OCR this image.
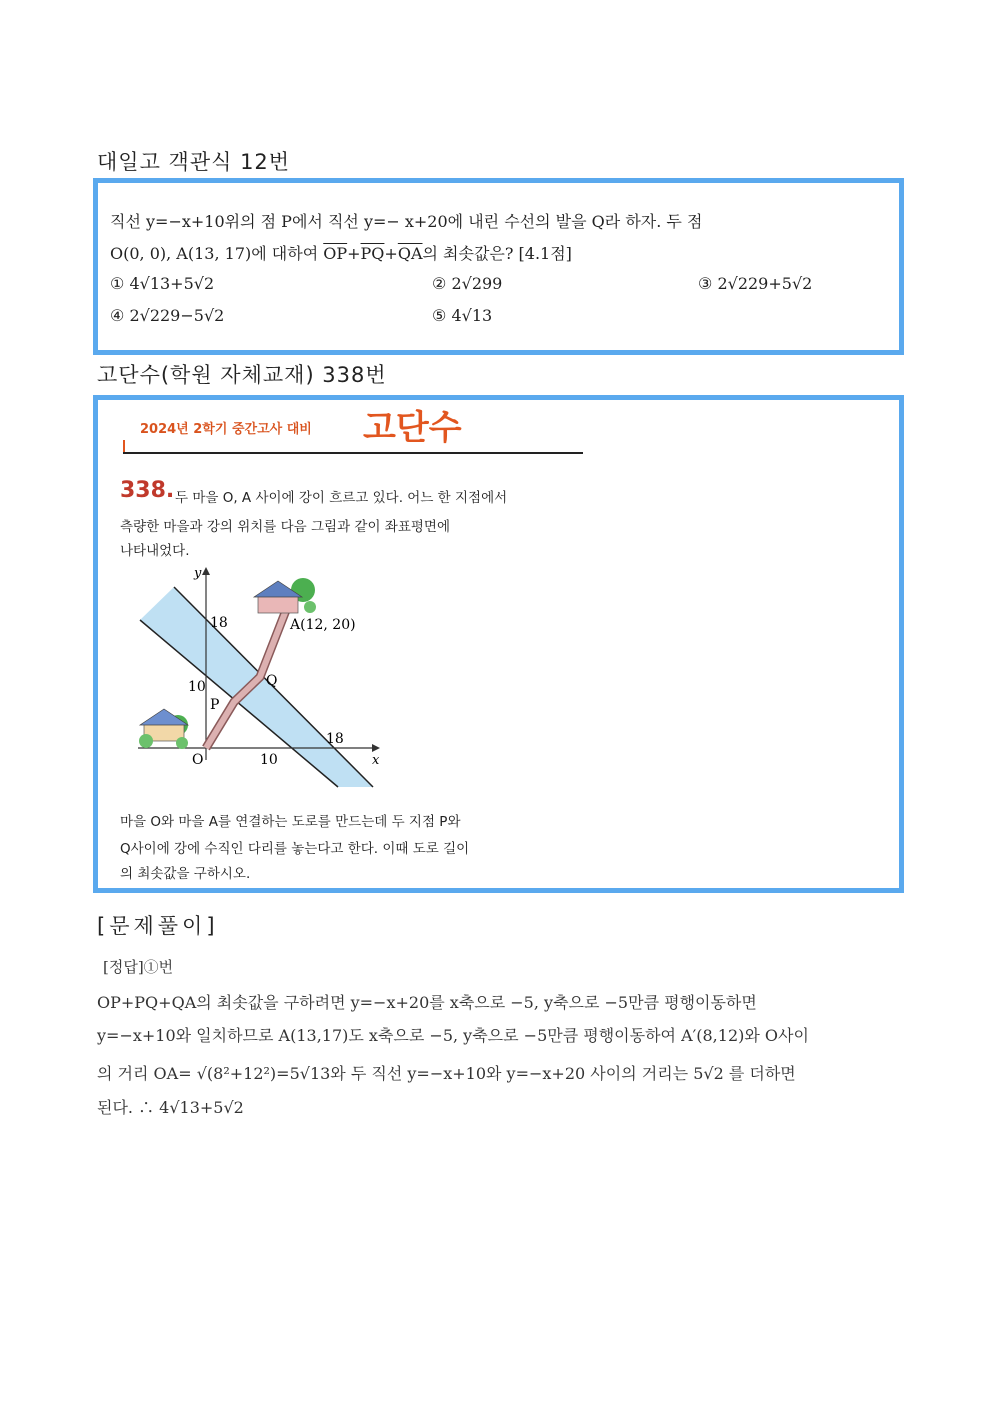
대일고 객관식 12번
직선 y=−x+10위의 점 P에서 직선 y=− x+20에 내린 수선의 발을 Q라 하자. 두 점
O(0, 0), A(13, 17)에 대하여 $\overline{OP}+\overline{PQ}+\overline{QA}$의 최솟값은? [4.1점]
① 4√13+5√2	② 2√299	③ 2√229+5√2
④ 2√229−5√2	⑤ 4√13
고단수(학원 자체교재) 338번
2024년 2학기 중간고사 대비 고단수
338. 두 마을 O, A 사이에 강이 흐르고 있다. 어느 한 지점에서
측량한 마을과 강의 위치를 다음 그림과 같이 좌표평면에
나타내었다.
18
10
10
18
A(12, 20)
P
Q
O
y
x
마을 O와 마을 A를 연결하는 도로를 만드는데 두 지점 P와
Q사이에 강에 수직인 다리를 놓는다고 한다. 이때 도로 길이
의 최솟값을 구하시오.
[문제풀이]
[정답]①번
OP+PQ+QA의 최솟값을 구하려면 y=−x+20를 x축으로 −5, y축으로 −5만큼 평행이동하면
y=−x+10와 일치하므로 A(13,17)도 x축으로 −5, y축으로 −5만큼 평행이동하여 A′(8,12)와 O사이
의 거리 OA= √(8²+12²)=5√13와 두 직선 y=−x+10와 y=−x+20 사이의 거리는 5√2 를 더하면
된다. ∴ 4√13+5√2
